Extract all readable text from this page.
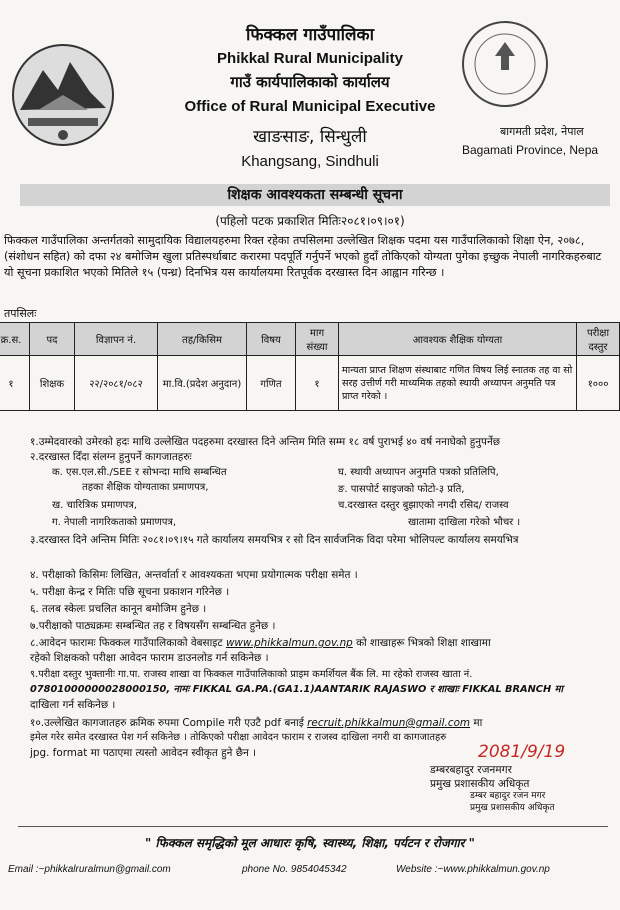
फिक्कल गाउँपालिका
Phikkal Rural Municipality
गाउँ कार्यपालिकाको कार्यालय
Office of Rural Municipal Executive
खाङसाङ, सिन्धुली
Khangsang, Sindhuli
बागमती प्रदेश, नेपाल
Bagamati Province, Nepa
शिक्षक आवश्यकता सम्बन्धी सूचना
(पहिलो पटक प्रकाशित मितिः२०८१।०९।०१)
फिक्कल गाउँपालिका अन्तर्गतको सामुदायिक विद्यालयहरुमा रिक्त रहेका तपसिलमा उल्लेखित शिक्षक पदमा यस गाउँपालिकाको शिक्षा ऐन, २०७८, (संशोधन सहित) को दफा २४ बमोजिम खुला प्रतिस्पर्धाबाट करारमा पदपूर्ति गर्नुपर्ने भएको हुदाँ तोकिएको योग्यता पुगेका इच्छुक नेपाली नागरिकहरुबाट यो सूचना प्रकाशित भएको मितिले १५ (पन्ध्र) दिनभित्र यस कार्यालयमा रितपूर्वक दरखास्त दिन आह्वान गरिन्छ ।
तपसिलः
क्र.स.	पद	विज्ञापन नं.	तह/किसिम	विषय	माग संख्या	आवश्यक शैक्षिक योग्यता	परीक्षा दस्तुर
१	शिक्षक	२२/२०८१/०८२	मा.वि.(प्रदेश अनुदान)	गणित	१	मान्यता प्राप्त शिक्षण संस्थाबाट गणित विषय लिई स्नातक तह वा सो सरह उत्तीर्ण गरी माध्यमिक तहको स्थायी अध्यापन अनुमति पत्र प्राप्त गरेको ।	१०००
१.उम्मेदवारको उमेरको हदः माथि उल्लेखित पदहरुमा दरखास्त दिने अन्तिम मिति सम्म १८ वर्ष पुराभई ४० वर्ष ननाघेको हुनुपर्नेछ
२.दरखास्त दिँदा संलग्न हुनुपर्ने कागजातहरुः
३.दरखास्त दिने अन्तिम मितिः २०८१।०९।१५ गते कार्यालय समयभित्र र सो दिन सार्वजनिक विदा परेमा भोलिपल्ट कार्यालय समयभित्र
४. परीक्षाको किसिमः लिखित, अन्तर्वार्ता र आवश्यकता भएमा प्रयोगात्मक परीक्षा समेत ।
५. परीक्षा केन्द्र र मितिः पछि सूचना प्रकाशन गरिनेछ ।
६. तलब स्केलः प्रचलित कानून बमोजिम हुनेछ ।
७.परीक्षाको पाठ्यक्रमः सम्बन्धित तह र विषयसँग सम्बन्धित हुनेछ ।
८.आवेदन फारामः फिक्कल गाउँपालिकाको वेबसाइट www.phikkalmun.gov.np को शाखाहरू भित्रको शिक्षा शाखामा
रहेको शिक्षकको परीक्षा आवेदन फाराम डाउनलोड गर्न सकिनेछ ।
९.परीक्षा दस्तुर भुक्तानीः गा.पा. राजस्व शाखा वा फिक्कल गाउँपालिकाको प्राइम कमर्शियल बैंक लि. मा रहेको राजस्व खाता नं.
07801000000028000150, नामः FIKKAL GA.PA.(GA1.1)AANTARIK RAJASWO र शाखाः FIKKAL BRANCH मा
दाखिला गर्न सकिनेछ ।
१०.उल्लेखित कागजातहरु क्रमिक रुपमा Compile गरी एउटै pdf बनाई recruit.phikkalmun@gmail.com मा
इमेल गरेर समेत दरखास्त पेश गर्न सकिनेछ । तोकिएको परीक्षा आवेदन फाराम र राजस्व दाखिला नगरी वा कागजातहरु
jpg. format मा पठाएमा त्यस्तो आवेदन स्वीकृत हुने छैन ।
क. एस.एल.सी./SEE र सोभन्दा माथि सम्बन्धित
तहका शैक्षिक योग्यताका प्रमाणपत्र,
ख. चारित्रिक प्रमाणपत्र,
ग. नेपाली नागरिकताको प्रमाणपत्र,
घ. स्थायी अध्यापन अनुमति पत्रको प्रतिलिपि,
ङ. पासपोर्ट साइजको फोटो-३ प्रति,
च.दरखास्त दस्तुर बुझाएको नगदी रसिद/ राजस्व
खातामा दाखिला गरेको भौचर ।
2081/9/19
डम्बरबहादुर रजनमगर
प्रमुख प्रशासकीय अधिकृत
डम्बर बहादुर रजन मगर
प्रमुख प्रशासकीय अधिकृत
" फिक्कल समृद्धिको मूल आधारः कृषि, स्वास्थ्य, शिक्षा, पर्यटन र रोजगार "
Email :~phikkalruralmun@gmail.com	phone No. 9854045342	Website :~www.phikkalmun.gov.np
